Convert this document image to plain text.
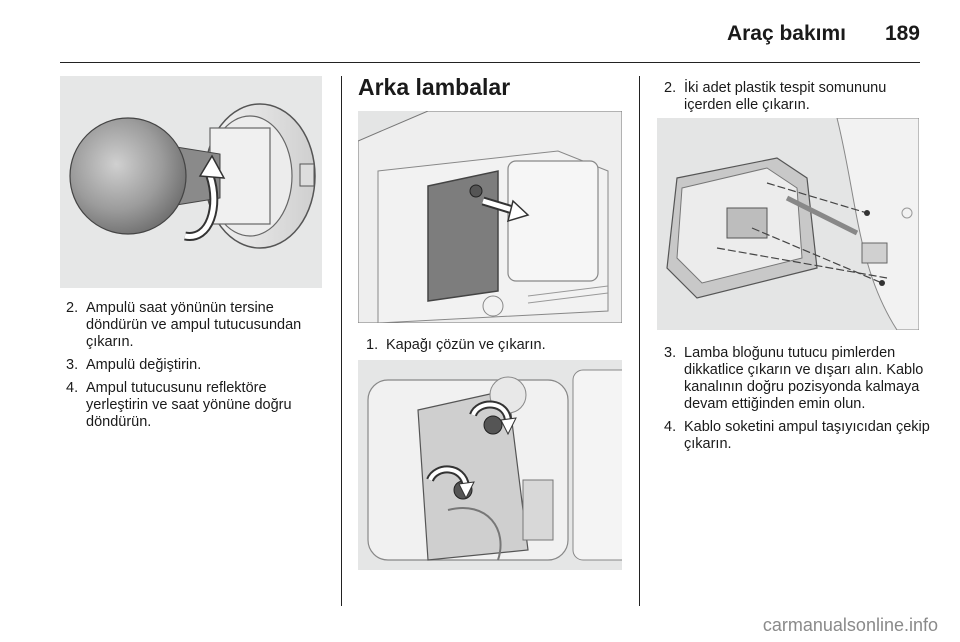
Araç bakımı 189
2. Ampulü saat yönünün tersine döndürün ve ampul tutucusundan çıkarın.
3. Ampulü değiştirin.
4. Ampul tutucusunu reflektöre yerleştirin ve saat yönüne doğru döndürün.
Arka lambalar
1. Kapağı çözün ve çıkarın.
2. İki adet plastik tespit somununu içerden elle çıkarın.
3. Lamba bloğunu tutucu pimlerden dikkatlice çıkarın ve dışarı alın. Kablo kanalının doğru pozisyonda kalmaya devam ettiğinden emin olun.
4. Kablo soketini ampul taşıyıcıdan çekip çıkarın.
carmanualsonline.info
